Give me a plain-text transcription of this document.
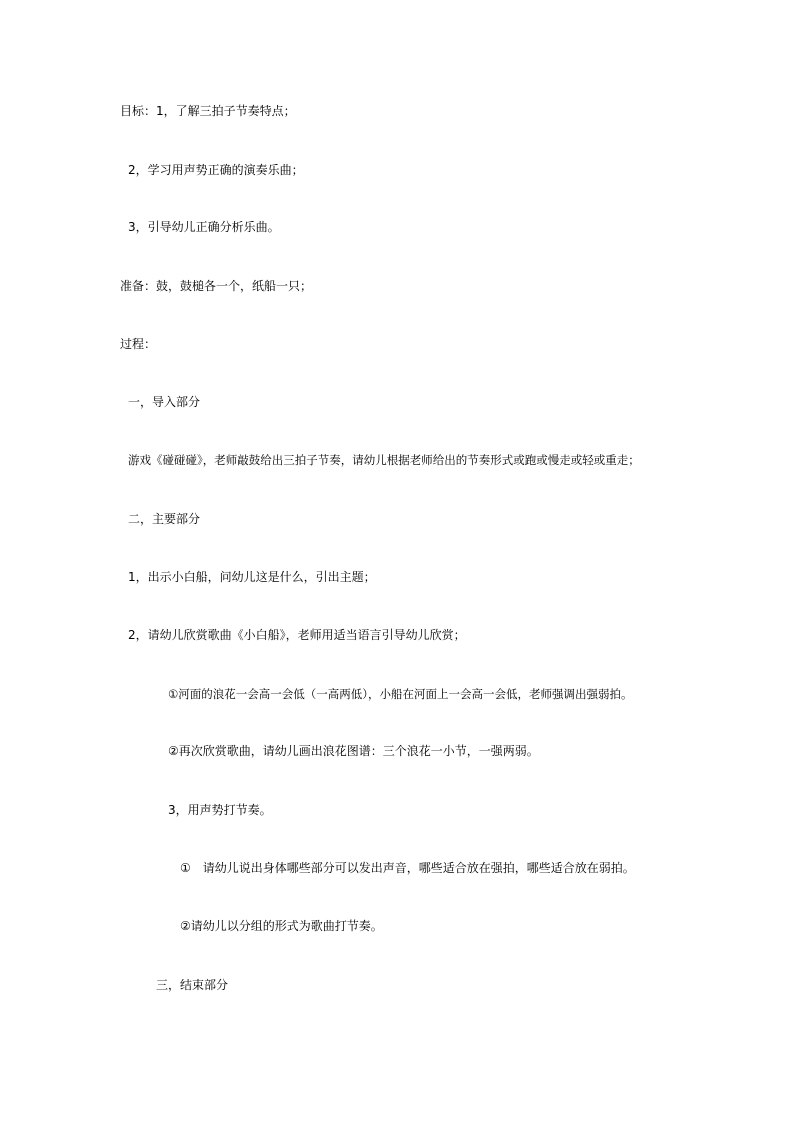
目标：1，了解三拍子节奏特点；

2，学习用声势正确的演奏乐曲；

3，引导幼儿正确分析乐曲。

准备：鼓，鼓槌各一个，纸船一只；

过程：

一，导入部分

游戏《碰碰碰》，老师敲鼓给出三拍子节奏，请幼儿根据老师给出的节奏形式或跑或慢走或轻或重走；

二，主要部分

1，出示小白船，问幼儿这是什么，引出主题；

2，请幼儿欣赏歌曲《小白船》，老师用适当语言引导幼儿欣赏；

①河面的浪花一会高一会低（一高两低），小船在河面上一会高一会低，老师强调出强弱拍。

②再次欣赏歌曲，请幼儿画出浪花图谱：三个浪花一小节，一强两弱。

3，用声势打节奏。

①　请幼儿说出身体哪些部分可以发出声音，哪些适合放在强拍，哪些适合放在弱拍。

②请幼儿以分组的形式为歌曲打节奏。

三，结束部分
